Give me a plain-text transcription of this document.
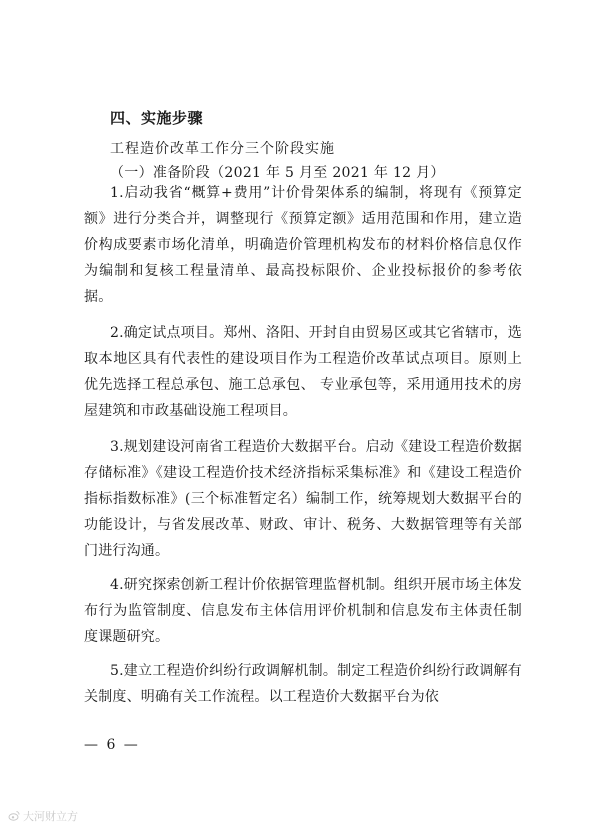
四、实施步骤
工程造价改革工作分三个阶段实施
（一）准备阶段（2021 年 5 月至 2021 年 12 月）

1.启动我省“概算+费用”计价骨架体系的编制，将现有《预算定额》进行分类合并，调整现行《预算定额》适用范围和作用，建立造价构成要素市场化清单，明确造价管理机构发布的材料价格信息仅作为编制和复核工程量清单、最高投标限价、企业投标报价的参考依据。

2.确定试点项目。郑州、洛阳、开封自由贸易区或其它省辖市，选取本地区具有代表性的建设项目作为工程造价改革试点项目。原则上优先选择工程总承包、施工总承包、 专业承包等，采用通用技术的房屋建筑和市政基础设施工程项目。

3.规划建设河南省工程造价大数据平台。启动《建设工程造价数据存储标准》《建设工程造价技术经济指标采集标准》和《建设工程造价指标指数标准》(三个标准暂定名）编制工作，统筹规划大数据平台的功能设计，与省发展改革、财政、审计、税务、大数据管理等有关部门进行沟通。

4.研究探索创新工程计价依据管理监督机制。组织开展市场主体发布行为监管制度、信息发布主体信用评价机制和信息发布主体责任制度课题研究。

5.建立工程造价纠纷行政调解机制。制定工程造价纠纷行政调解有关制度、明确有关工作流程。以工程造价大数据平台为依

— 6 —
大河财立方
